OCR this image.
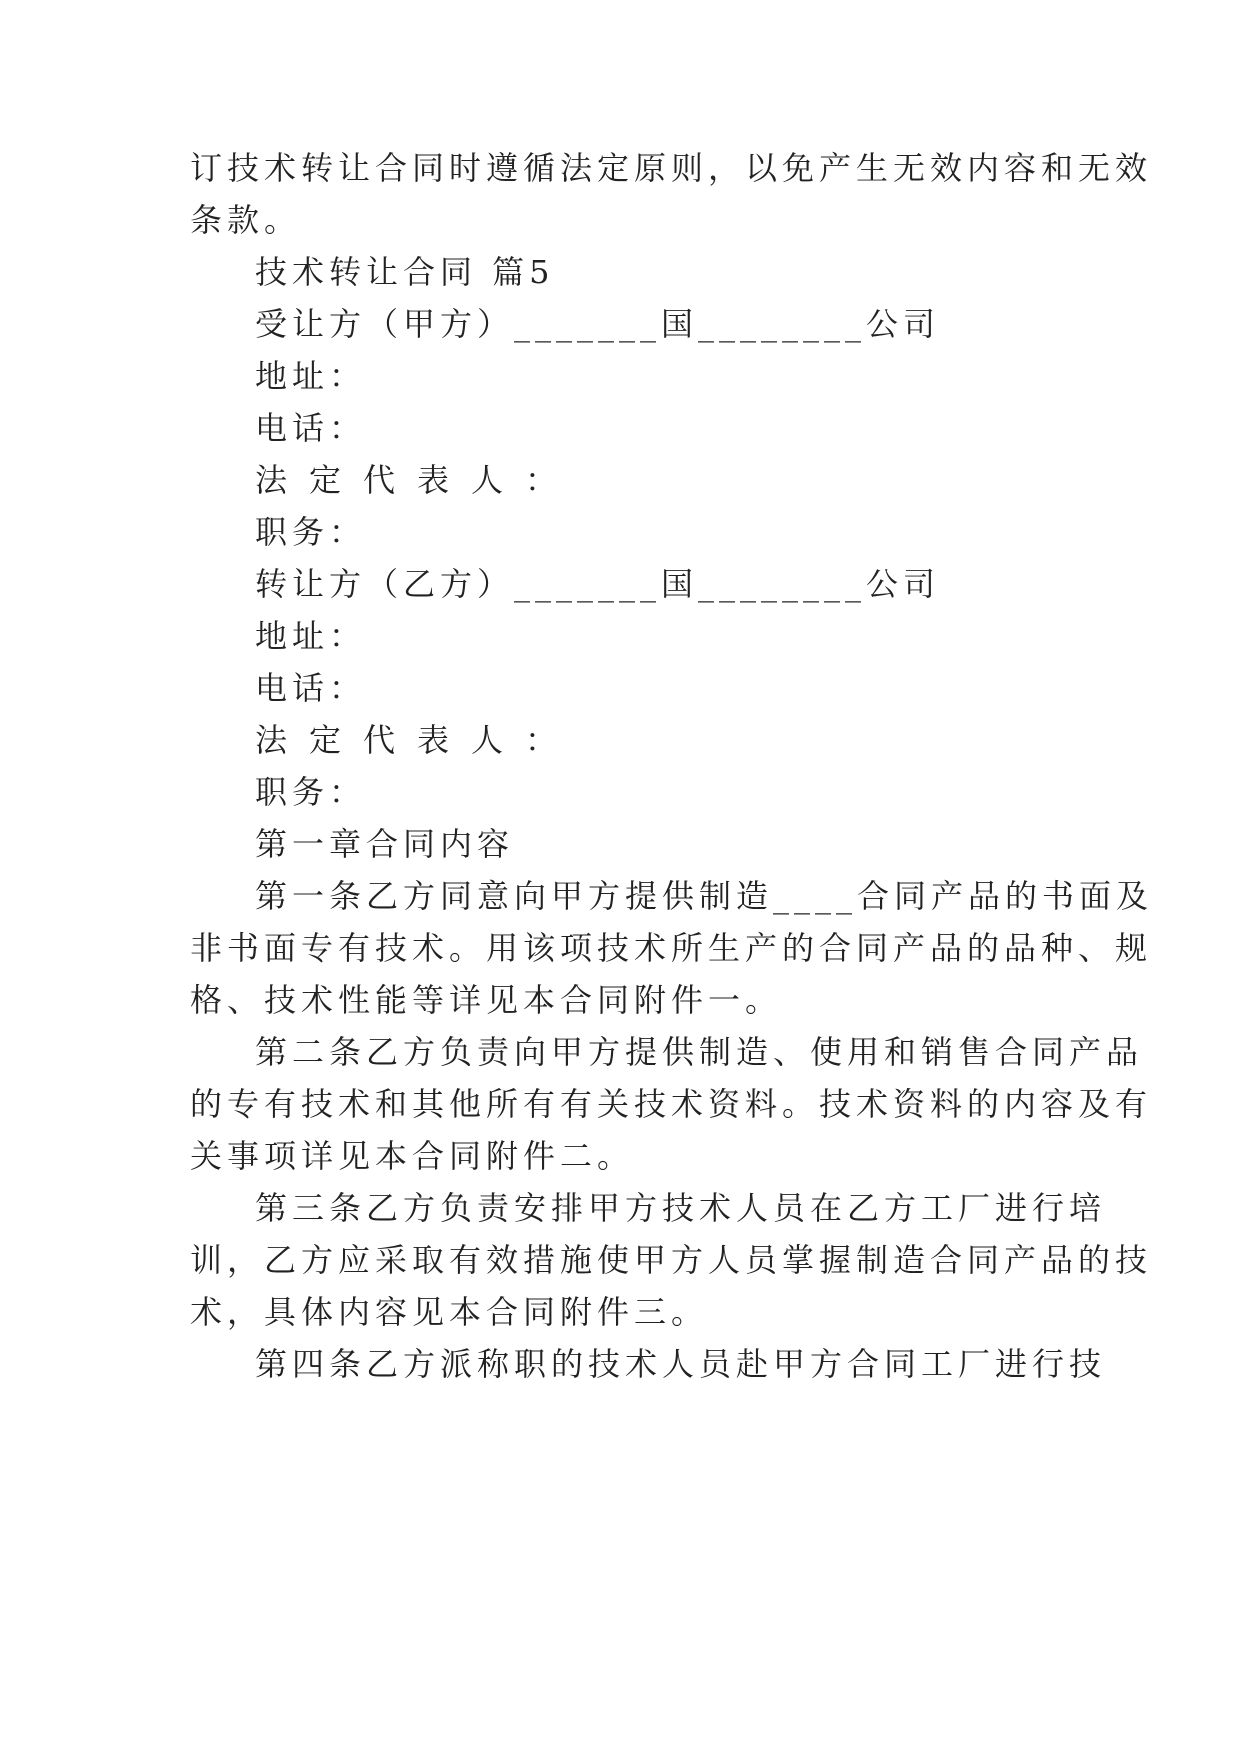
订技术转让合同时遵循法定原则，以免产生无效内容和无效
条款。
技术转让合同 篇5
受让方（甲方）_______国________公司
地址：
电话：
法定代表人：
职务：
转让方（乙方）_______国________公司
地址：
电话：
法定代表人：
职务：
第一章合同内容
第一条乙方同意向甲方提供制造____合同产品的书面及
非书面专有技术。用该项技术所生产的合同产品的品种、规
格、技术性能等详见本合同附件一。
第二条乙方负责向甲方提供制造、使用和销售合同产品
的专有技术和其他所有有关技术资料。技术资料的内容及有
关事项详见本合同附件二。
第三条乙方负责安排甲方技术人员在乙方工厂进行培
训，乙方应采取有效措施使甲方人员掌握制造合同产品的技
术，具体内容见本合同附件三。
第四条乙方派称职的技术人员赴甲方合同工厂进行技
